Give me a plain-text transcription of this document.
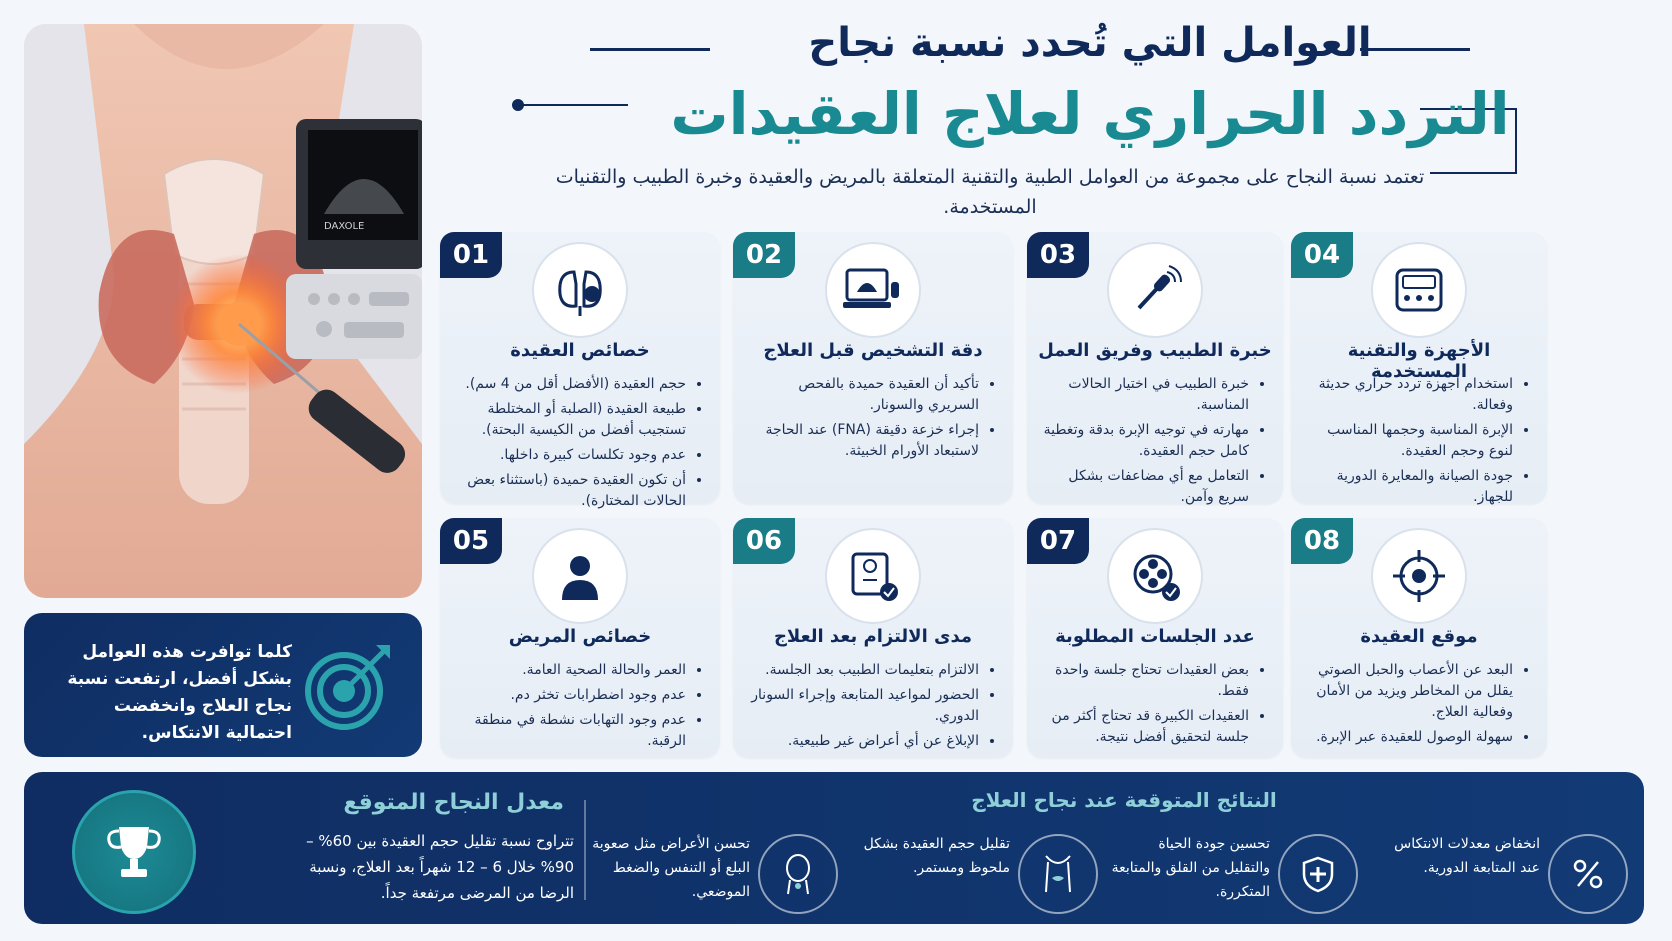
DAXOLE
كلما توافرت هذه العوامل بشكل أفضل، ارتفعت نسبة نجاح العلاج وانخفضت احتمالية الانتكاس.
العوامل التي تُحدد نسبة نجاح
التردد الحراري لعلاج العقيدات
تعتمد نسبة النجاح على مجموعة من العوامل الطبية والتقنية المتعلقة بالمريض والعقيدة وخبرة الطبيب والتقنيات المستخدمة.
04
الأجهزة والتقنية المستخدمة
• استخدام أجهزة تردد حراري حديثة وفعالة.
• الإبرة المناسبة وحجمها المناسب لنوع وحجم العقيدة.
• جودة الصيانة والمعايرة الدورية للجهاز.
03
خبرة الطبيب وفريق العمل
• خبرة الطبيب في اختيار الحالات المناسبة.
• مهارته في توجيه الإبرة بدقة وتغطية كامل حجم العقيدة.
• التعامل مع أي مضاعفات بشكل سريع وآمن.
02
دقة التشخيص قبل العلاج
• تأكيد أن العقيدة حميدة بالفحص السريري والسونار.
• إجراء خزعة دقيقة (FNA) عند الحاجة لاستبعاد الأورام الخبيثة.
01
خصائص العقيدة
• حجم العقيدة (الأفضل أقل من 4 سم).
• طبيعة العقيدة (الصلبة أو المختلطة تستجيب أفضل من الكيسية البحتة).
• عدم وجود تكلسات كبيرة داخلها.
• أن تكون العقيدة حميدة (باستثناء بعض الحالات المختارة).
08
موقع العقيدة
• البعد عن الأعصاب والحبل الصوتي يقلل من المخاطر ويزيد من الأمان وفعالية العلاج.
• سهولة الوصول للعقيدة عبر الإبرة.
07
عدد الجلسات المطلوبة
• بعض العقيدات تحتاج جلسة واحدة فقط.
• العقيدات الكبيرة قد تحتاج أكثر من جلسة لتحقيق أفضل نتيجة.
06
مدى الالتزام بعد العلاج
• الالتزام بتعليمات الطبيب بعد الجلسة.
• الحضور لمواعيد المتابعة وإجراء السونار الدوري.
• الإبلاغ عن أي أعراض غير طبيعية.
05
خصائص المريض
• العمر والحالة الصحية العامة.
• عدم وجود اضطرابات تخثر دم.
• عدم وجود التهابات نشطة في منطقة الرقبة.
تتراوح نسبة تقليل حجم العقيدة بين 60% – 90% خلال 6 – 12 شهراً بعد العلاج، ونسبة الرضا من المرضى مرتفعة جداً.
معدل النجاح المتوقع	النتائج المتوقعة عند نجاح العلاج
انخفاض معدلات الانتكاس عند المتابعة الدورية.
تحسين جودة الحياة والتقليل من القلق والمتابعة المتكررة.
تقليل حجم العقيدة بشكل ملحوظ ومستمر.
تحسن الأعراض مثل صعوبة البلع أو التنفس والضغط الموضعي.
